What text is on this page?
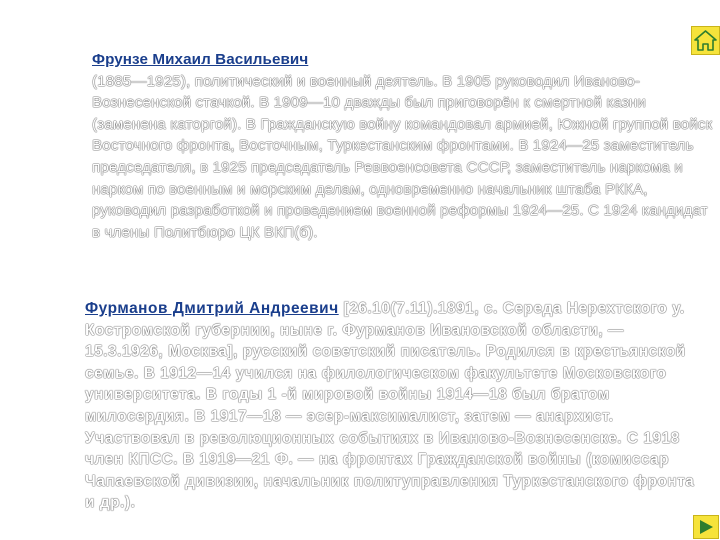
Фрунзе Михаил Васильевич
(1885—1925), политический и военный деятель. В 1905 руководил Иваново-Вознесенской стачкой. В 1909—10 дважды был приговорён к смертной казни (заменена каторгой). В Гражданскую войну командовал армией, Южной группой войск Восточного фронта, Восточным, Туркестанским фронтами. В 1924—25 заместитель председателя, в 1925 председатель Реввоенсовета СССР, заместитель наркома и нарком по военным и морским делам, одновременно начальник штаба РККА, руководил разработкой и проведением военной реформы 1924—25. С 1924 кандидат в члены Политбюро ЦК ВКП(б).
Фурманов Дмитрий Андреевич [26.10(7.11).1891, с. Середа Нерехтского у. Костромской губернии, ныне г. Фурманов Ивановской области, — 15.3.1926, Москва], русский советский писатель. Родился в крестьянской семье. В 1912—14 учился на филологическом факультете Московского университета. В годы 1 -й мировой войны 1914—18 был братом милосердия. В 1917—18 — эсер-максималист, затем — анархист. Участвовал в революционных событиях в Иваново-Вознесенске. С 1918 член КПСС. В 1919—21 Ф. — на фронтах Гражданской войны (комиссар Чапаевской дивизии, начальник политуправления Туркестанского фронта и др.).
